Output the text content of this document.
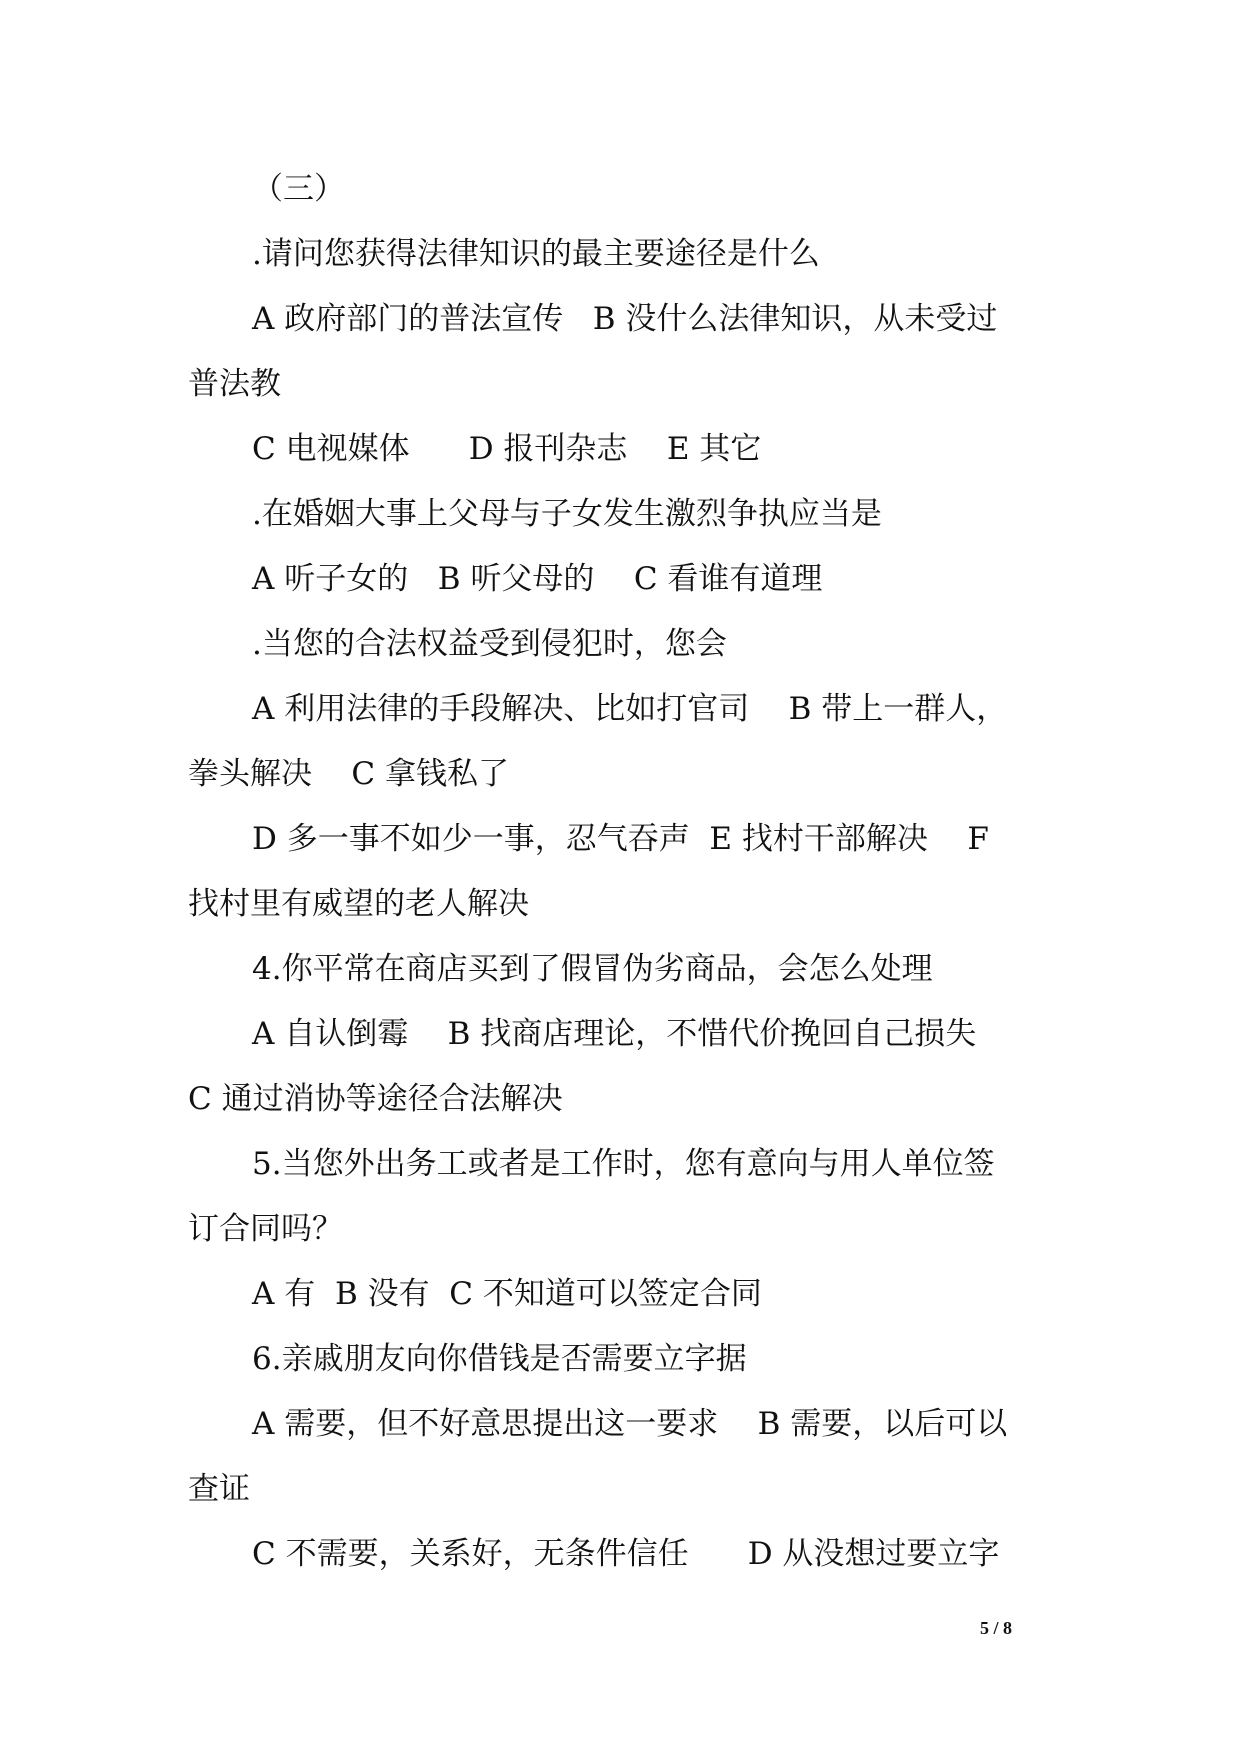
（三）
.请问您获得法律知识的最主要途径是什么
A 政府部门的普法宣传   B 没什么法律知识，从未受过
普法教
C 电视媒体      D 报刊杂志    E 其它
.在婚姻大事上父母与子女发生激烈争执应当是
A 听子女的   B 听父母的    C 看谁有道理
.当您的合法权益受到侵犯时，您会
A 利用法律的手段解决、比如打官司    B 带上一群人，
拳头解决    C 拿钱私了
D 多一事不如少一事，忍气吞声  E 找村干部解决    F
找村里有威望的老人解决
4.你平常在商店买到了假冒伪劣商品，会怎么处理
A 自认倒霉    B 找商店理论，不惜代价挽回自己损失
C 通过消协等途径合法解决
5.当您外出务工或者是工作时，您有意向与用人单位签
订合同吗？
A 有  B 没有  C 不知道可以签定合同
6.亲戚朋友向你借钱是否需要立字据
A 需要，但不好意思提出这一要求    B 需要，以后可以
查证
C 不需要，关系好，无条件信任      D 从没想过要立字
5 / 8
